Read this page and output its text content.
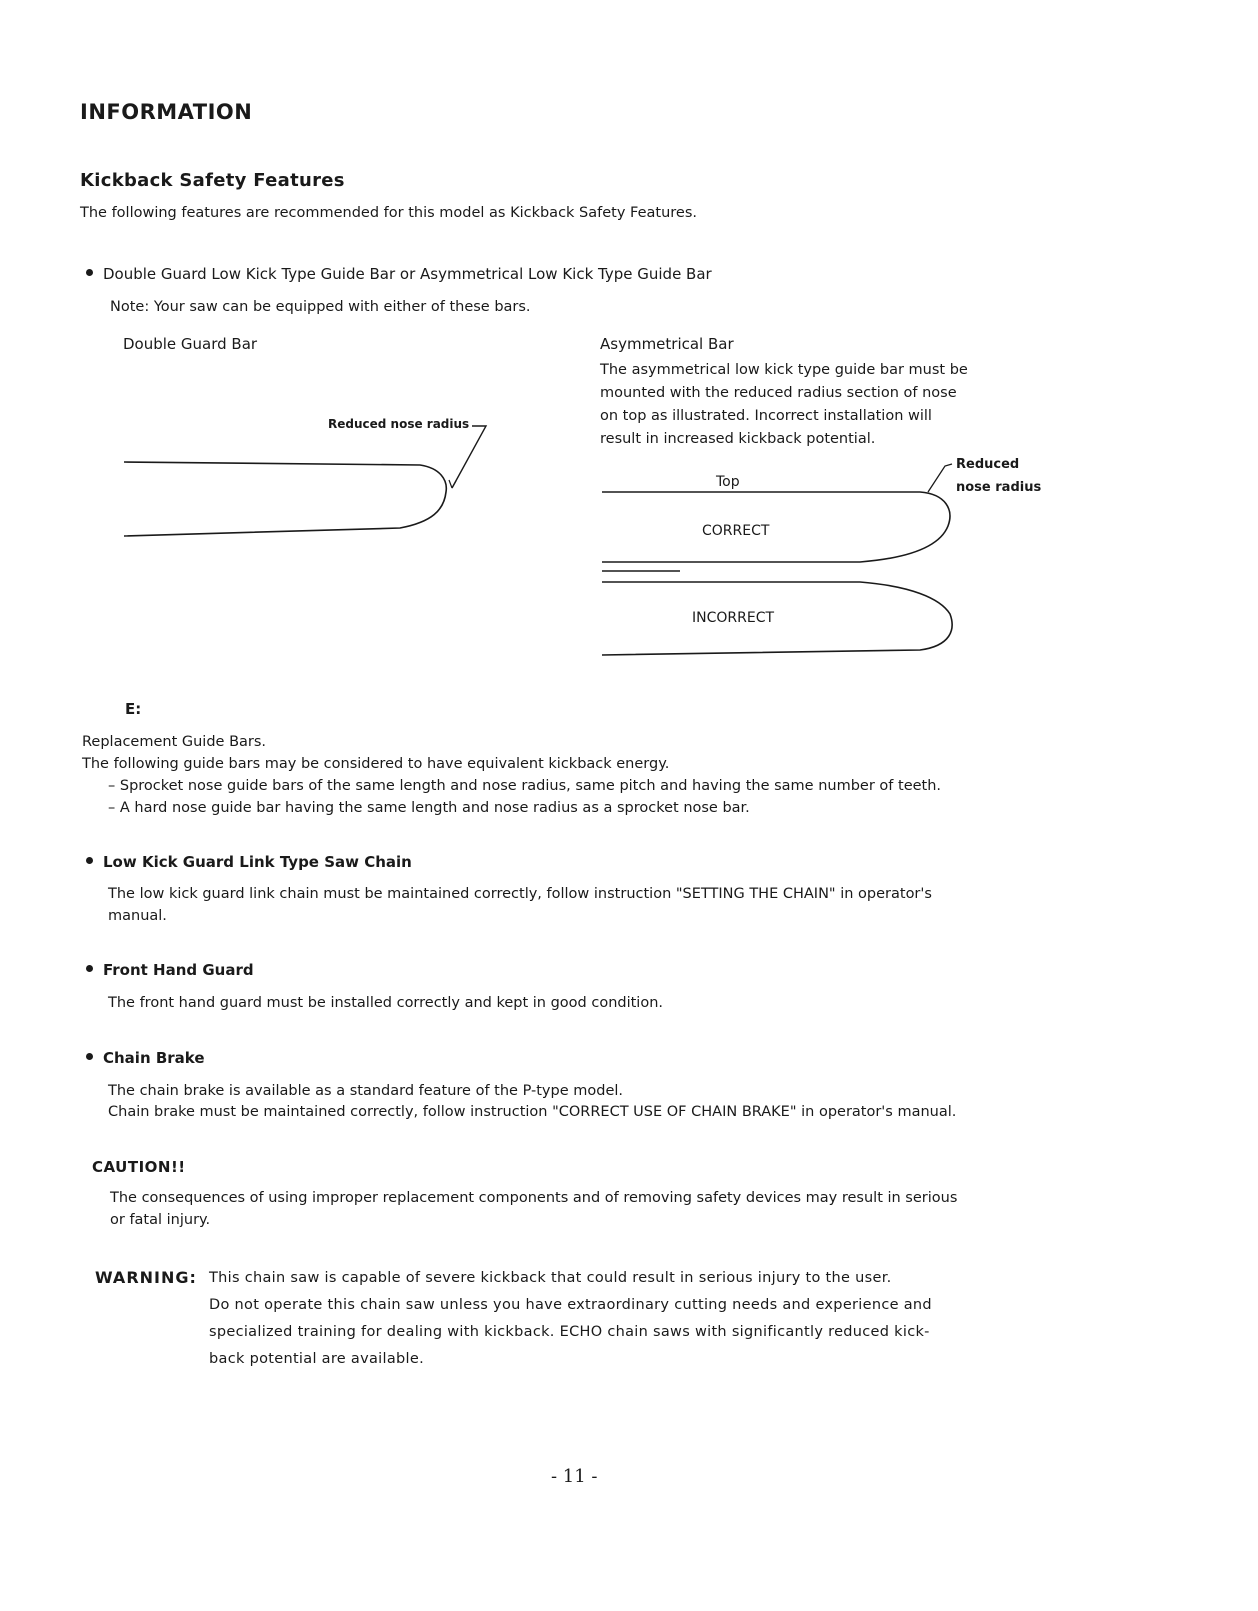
INFORMATION
Kickback Safety Features
The following features are recommended for this model as Kickback Safety Features.
Double Guard Low Kick Type Guide Bar or Asymmetrical Low Kick Type Guide Bar
Note: Your saw can be equipped with either of these bars.
Double Guard Bar	Asymmetrical Bar
The asymmetrical low kick type guide bar must be
mounted with the reduced radius section of nose
on top as illustrated. Incorrect installation will
result in increased kickback potential.
Reduced nose radius
Top
Reduced
nose radius
CORRECT
INCORRECT
E:
Replacement Guide Bars.
The following guide bars may be considered to have equivalent kickback energy.
– Sprocket nose guide bars of the same length and nose radius, same pitch and having the same number of teeth.
– A hard nose guide bar having the same length and nose radius as a sprocket nose bar.
Low Kick Guard Link Type Saw Chain
The low kick guard link chain must be maintained correctly, follow instruction "SETTING THE CHAIN" in operator's
manual.
Front Hand Guard
The front hand guard must be installed correctly and kept in good condition.
Chain Brake
The chain brake is available as a standard feature of the P-type model.
Chain brake must be maintained correctly, follow instruction "CORRECT USE OF CHAIN BRAKE" in operator's manual.
CAUTION!!
The consequences of using improper replacement components and of removing safety devices may result in serious
or fatal injury.
WARNING: This chain saw is capable of severe kickback that could result in serious injury to the user.
Do not operate this chain saw unless you have extraordinary cutting needs and experience and
specialized training for dealing with kickback. ECHO chain saws with significantly reduced kick-
back potential are available.
- 11 -
